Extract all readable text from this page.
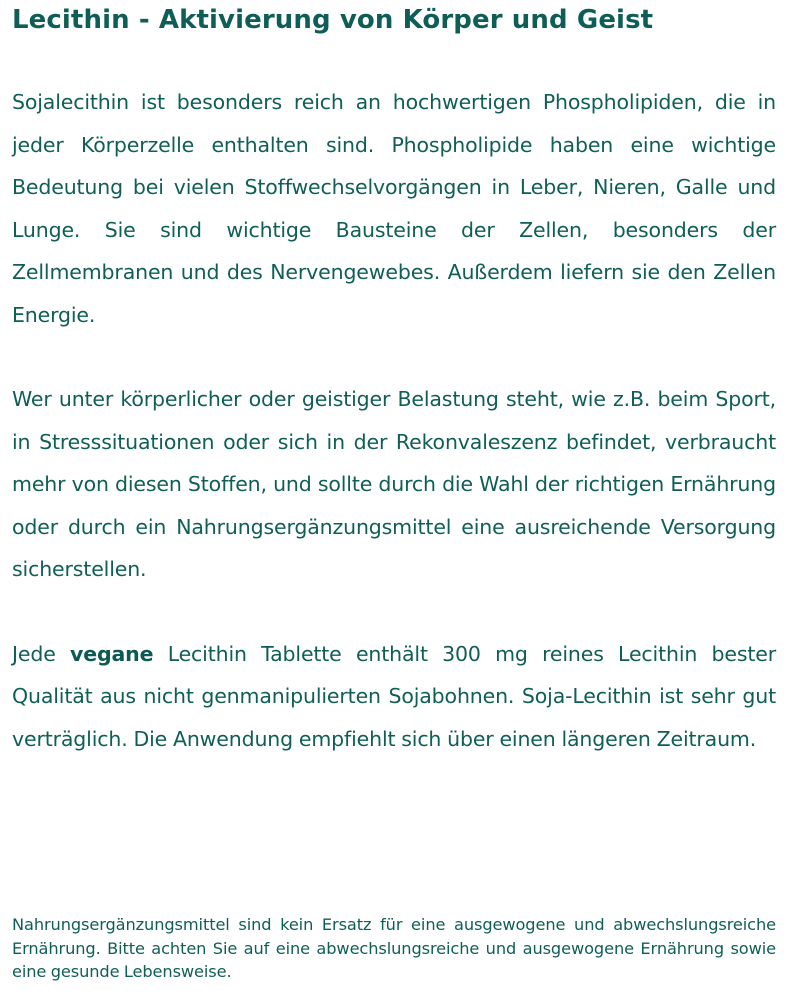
Lecithin - Aktivierung von Körper und Geist

Sojalecithin ist besonders reich an hochwertigen Phospholipiden, die in jeder Körperzelle enthalten sind. Phospholipide haben eine wichtige Bedeutung bei vielen Stoffwechselvorgängen in Leber, Nieren, Galle und Lunge. Sie sind wichtige Bausteine der Zellen, besonders der Zellmembranen und des Nervengewebes. Außerdem liefern sie den Zellen Energie.

Wer unter körperlicher oder geistiger Belastung steht, wie z.B. beim Sport, in Stresssituationen oder sich in der Rekonvaleszenz befindet, verbraucht mehr von diesen Stoffen, und sollte durch die Wahl der richtigen Ernährung oder durch ein Nahrungsergänzungsmittel eine ausreichende Versorgung sicherstellen.

Jede vegane Lecithin Tablette enthält 300 mg reines Lecithin bester Qualität aus nicht genmanipulierten Sojabohnen. Soja-Lecithin ist sehr gut verträglich. Die Anwendung empfiehlt sich über einen längeren Zeitraum.

Nahrungsergänzungsmittel sind kein Ersatz für eine ausgewogene und abwechslungsreiche Ernährung. Bitte achten Sie auf eine abwechslungsreiche und ausgewogene Ernährung sowie eine gesunde Lebensweise.
